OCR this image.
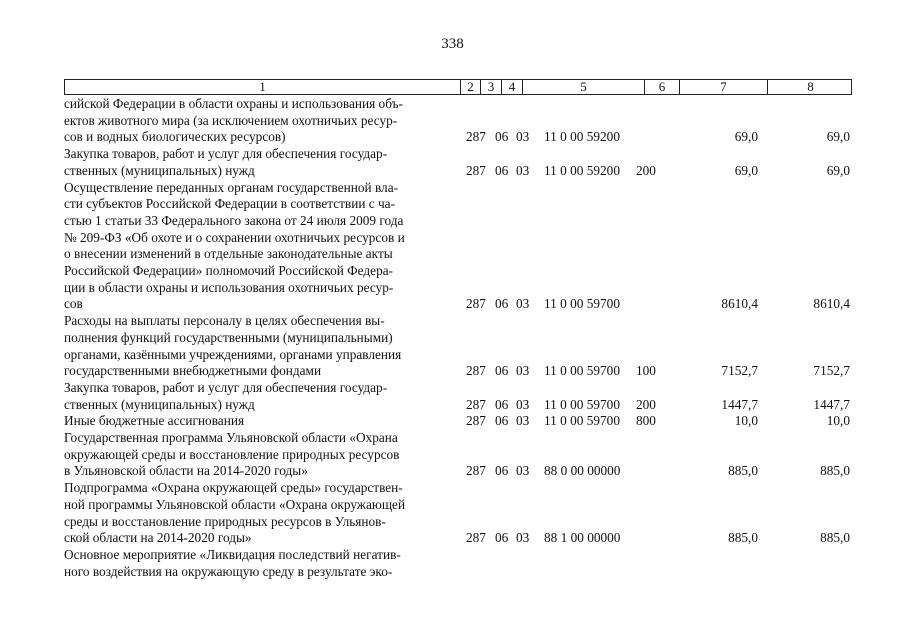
338
1	2	3	4	5	6	7	8
сийской Федерации в области охраны и использования объ-
ектов животного мира (за исключением охотничьих ресур-
сов и водных биологических ресурсов)	287 06 03 11 0 00 59200	69,0	69,0
Закупка товаров, работ и услуг для обеспечения государ-
ственных (муниципальных) нужд	287 06 03 11 0 00 59200 200	69,0	69,0
Осуществление переданных органам государственной вла-
сти субъектов Российской Федерации в соответствии с ча-
стью 1 статьи 33 Федерального закона от 24 июля 2009 года
№ 209-ФЗ «Об охоте и о сохранении охотничьих ресурсов и
о внесении изменений в отдельные законодательные акты
Российской Федерации» полномочий Российской Федера-
ции в области охраны и использования охотничьих ресур-
сов	287 06 03 11 0 00 59700	8610,4	8610,4
Расходы на выплаты персоналу в целях обеспечения вы-
полнения функций государственными (муниципальными)
органами, казёнными учреждениями, органами управления
государственными внебюджетными фондами	287 06 03 11 0 00 59700 100	7152,7	7152,7
Закупка товаров, работ и услуг для обеспечения государ-
ственных (муниципальных) нужд	287 06 03 11 0 00 59700 200	1447,7	1447,7
Иные бюджетные ассигнования	287 06 03 11 0 00 59700 800	10,0	10,0
Государственная программа Ульяновской области «Охрана
окружающей среды и восстановление природных ресурсов
в Ульяновской области на 2014-2020 годы»	287 06 03 88 0 00 00000	885,0	885,0
Подпрограмма «Охрана окружающей среды» государствен-
ной программы Ульяновской области «Охрана окружающей
среды и восстановление природных ресурсов в Ульянов-
ской области на 2014-2020 годы»	287 06 03 88 1 00 00000	885,0	885,0
Основное мероприятие «Ликвидация последствий негатив-
ного воздействия на окружающую среду в результате эко-
